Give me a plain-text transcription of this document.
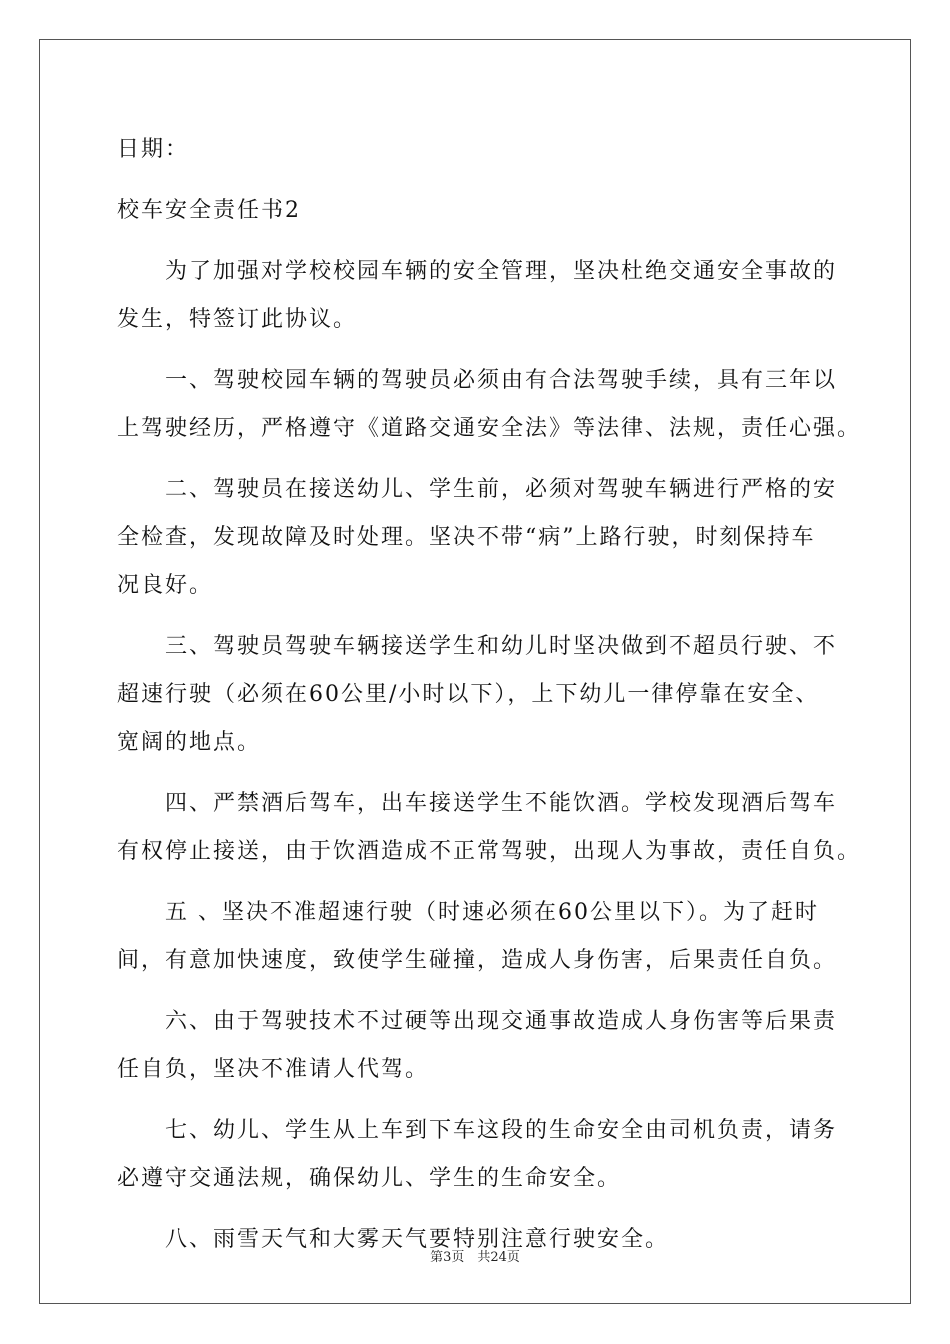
日期：
校车安全责任书2
为了加强对学校校园车辆的安全管理，坚决杜绝交通安全事故的
发生，特签订此协议。
一、驾驶校园车辆的驾驶员必须由有合法驾驶手续，具有三年以
上驾驶经历，严格遵守《道路交通安全法》等法律、法规，责任心强。
二、驾驶员在接送幼儿、学生前，必须对驾驶车辆进行严格的安
全检查，发现故障及时处理。坚决不带“病”上路行驶，时刻保持车
况良好。
三、驾驶员驾驶车辆接送学生和幼儿时坚决做到不超员行驶、不
超速行驶（必须在60公里/小时以下），上下幼儿一律停靠在安全、
宽阔的地点。
四、严禁酒后驾车，出车接送学生不能饮酒。学校发现酒后驾车
有权停止接送，由于饮酒造成不正常驾驶，出现人为事故，责任自负。
五 、坚决不准超速行驶（时速必须在60公里以下）。为了赶时
间，有意加快速度，致使学生碰撞，造成人身伤害，后果责任自负。
六、由于驾驶技术不过硬等出现交通事故造成人身伤害等后果责
任自负，坚决不准请人代驾。
七、幼儿、学生从上车到下车这段的生命安全由司机负责，请务
必遵守交通法规，确保幼儿、学生的生命安全。
八、雨雪天气和大雾天气要特别注意行驶安全。
第3页　共24页
